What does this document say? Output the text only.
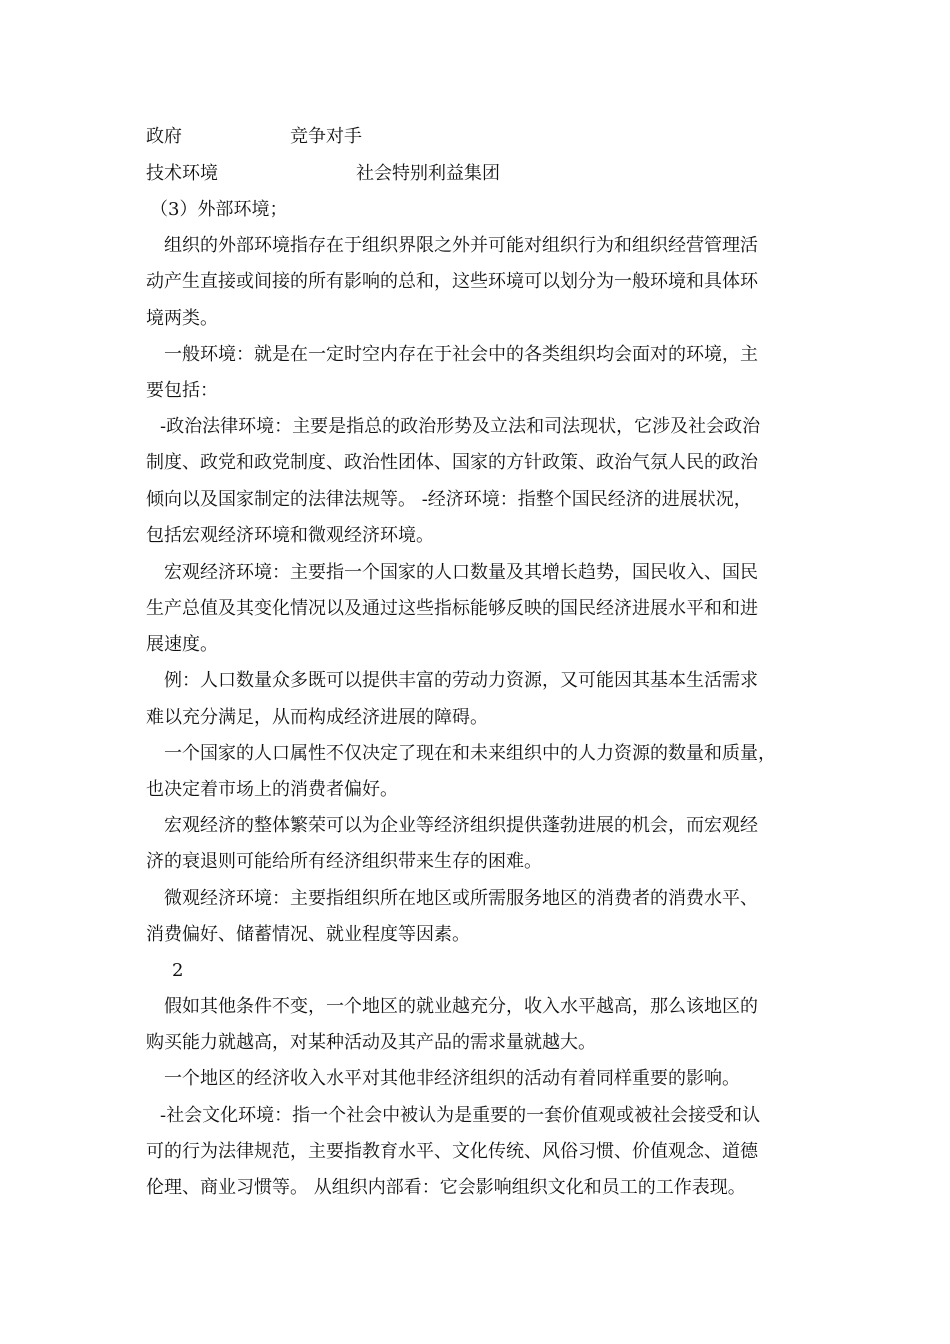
政府	竞争对手
技术环境	社会特别利益集团
（3）外部环境；
组织的外部环境指存在于组织界限之外并可能对组织行为和组织经营管理活
动产生直接或间接的所有影响的总和，这些环境可以划分为一般环境和具体环
境两类。
一般环境：就是在一定时空内存在于社会中的各类组织均会面对的环境，主
要包括：
-政治法律环境：主要是指总的政治形势及立法和司法现状，它涉及社会政治
制度、政党和政党制度、政治性团体、国家的方针政策、政治气氛人民的政治
倾向以及国家制定的法律法规等。 -经济环境：指整个国民经济的进展状况，
包括宏观经济环境和微观经济环境。
宏观经济环境：主要指一个国家的人口数量及其增长趋势，国民收入、国民
生产总值及其变化情况以及通过这些指标能够反映的国民经济进展水平和和进
展速度。
例：人口数量众多既可以提供丰富的劳动力资源，又可能因其基本生活需求
难以充分满足，从而构成经济进展的障碍。
一个国家的人口属性不仅决定了现在和未来组织中的人力资源的数量和质量，
也决定着市场上的消费者偏好。
宏观经济的整体繁荣可以为企业等经济组织提供蓬勃进展的机会，而宏观经
济的衰退则可能给所有经济组织带来生存的困难。
微观经济环境：主要指组织所在地区或所需服务地区的消费者的消费水平、
消费偏好、储蓄情况、就业程度等因素。
2
假如其他条件不变，一个地区的就业越充分，收入水平越高，那么该地区的
购买能力就越高，对某种活动及其产品的需求量就越大。
一个地区的经济收入水平对其他非经济组织的活动有着同样重要的影响。
-社会文化环境：指一个社会中被认为是重要的一套价值观或被社会接受和认
可的行为法律规范，主要指教育水平、文化传统、风俗习惯、价值观念、道德
伦理、商业习惯等。 从组织内部看：它会影响组织文化和员工的工作表现。
